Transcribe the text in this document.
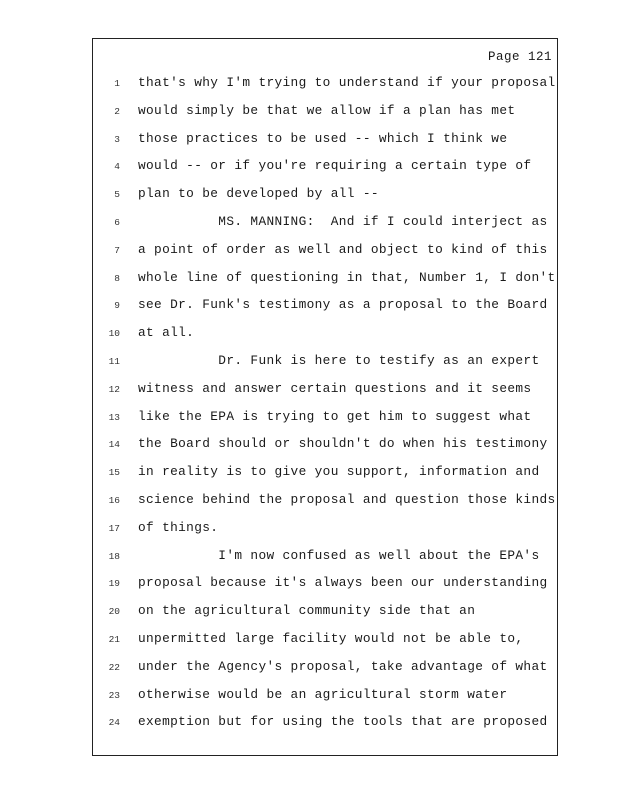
Page 121
1
2
3
4
5
6
7
8
9
10
11
12
13
14
15
16
17
18
19
20
21
22
23
24
that's why I'm trying to understand if your proposal
would simply be that we allow if a plan has met
those practices to be used -- which I think we
would -- or if you're requiring a certain type of
plan to be developed by all --
MS. MANNING:  And if I could interject as
a point of order as well and object to kind of this
whole line of questioning in that, Number 1, I don't
see Dr. Funk's testimony as a proposal to the Board
at all.
Dr. Funk is here to testify as an expert
witness and answer certain questions and it seems
like the EPA is trying to get him to suggest what
the Board should or shouldn't do when his testimony
in reality is to give you support, information and
science behind the proposal and question those kinds
of things.
I'm now confused as well about the EPA's
proposal because it's always been our understanding
on the agricultural community side that an
unpermitted large facility would not be able to,
under the Agency's proposal, take advantage of what
otherwise would be an agricultural storm water
exemption but for using the tools that are proposed
